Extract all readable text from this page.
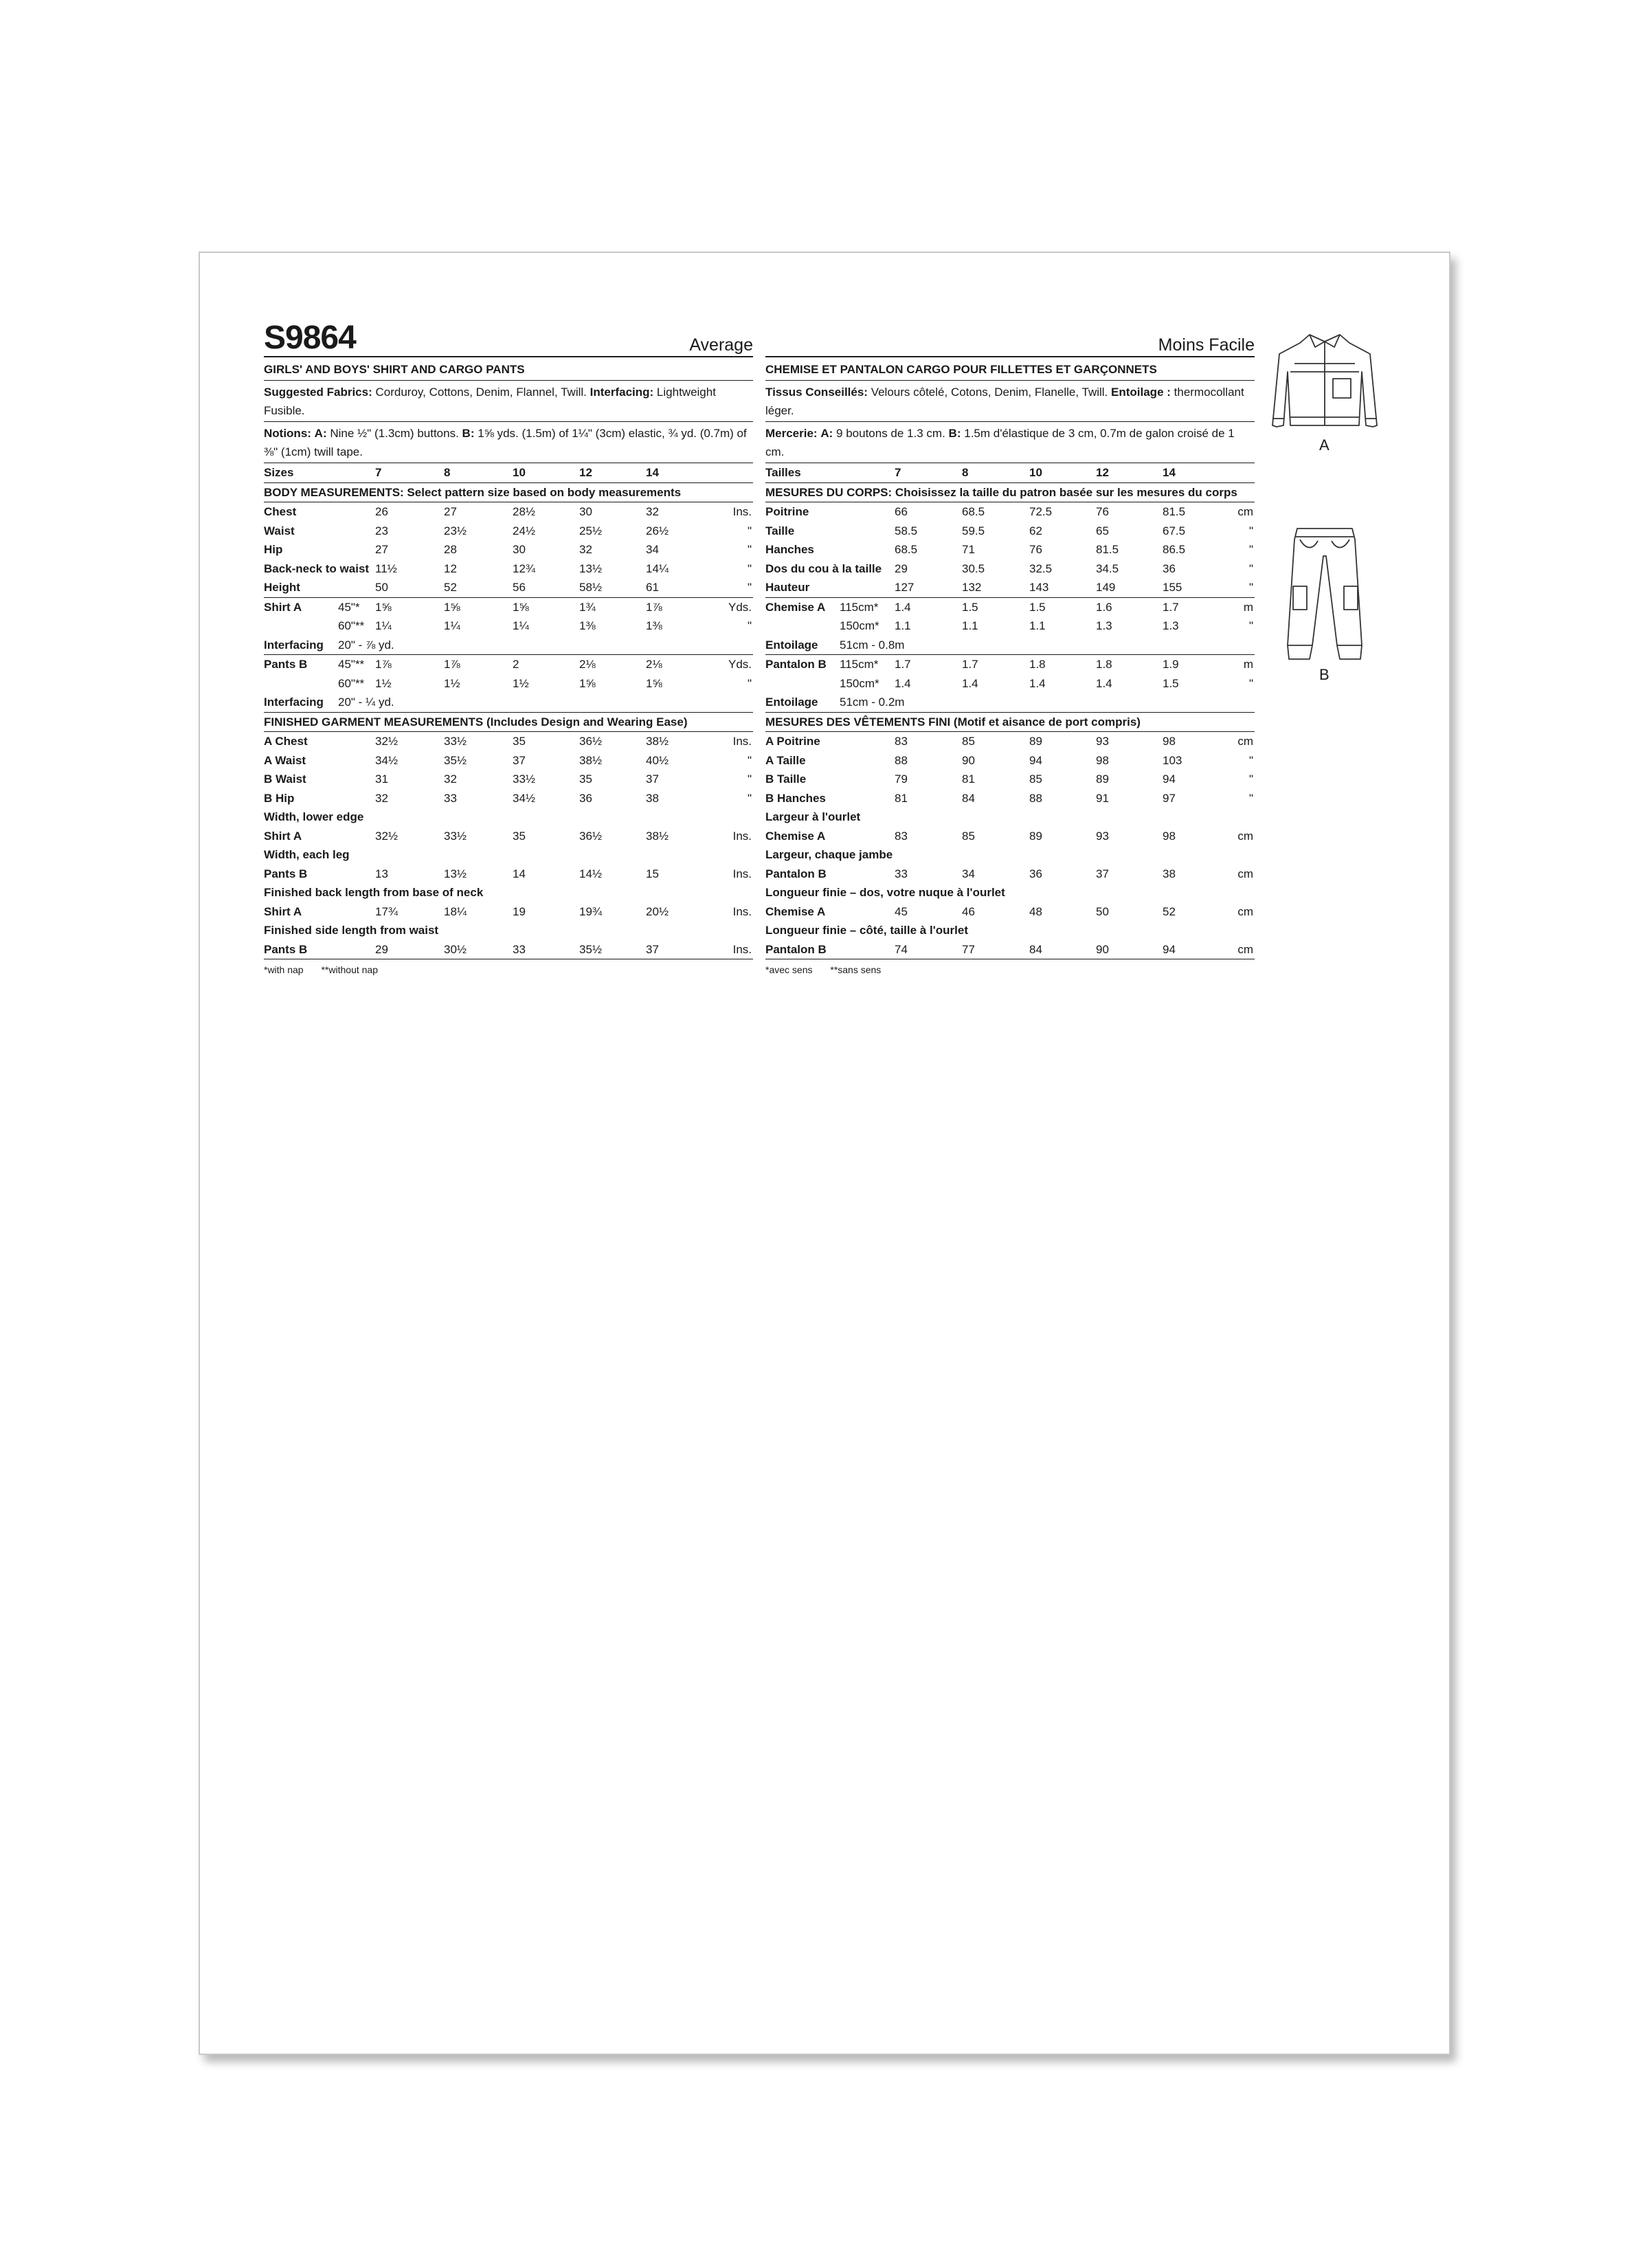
S9864	Average
GIRLS' AND BOYS' SHIRT AND CARGO PANTS
Suggested Fabrics: Corduroy, Cottons, Denim, Flannel, Twill. Interfacing: Lightweight Fusible.
Notions: A: Nine ½" (1.3cm) buttons. B: 1⅝ yds. (1.5m) of 1¼" (3cm) elastic, ¾ yd. (0.7m) of ⅜" (1cm) twill tape.
Sizes		7	8	10	12	14	
BODY MEASUREMENTS: Select pattern size based on body measurements							
Chest		26	27	28½	30	32	Ins.
Waist		23	23½	24½	25½	26½	"
Hip		27	28	30	32	34	"
Back-neck to waist		11½	12	12¾	13½	14¼	"
Height		50	52	56	58½	61	"
Shirt A	45"*	1⅝	1⅝	1⅝	1¾	1⅞	Yds.
	60"**	1¼	1¼	1¼	1⅜	1⅜	"
Interfacing	20" - ⅞ yd.						
Pants B	45"**	1⅞	1⅞	2	2⅛	2⅛	Yds.
	60"**	1½	1½	1½	1⅝	1⅝	"
Interfacing	20" - ¼ yd.						
FINISHED GARMENT MEASUREMENTS (Includes Design and Wearing Ease)							
A Chest		32½	33½	35	36½	38½	Ins.
A Waist		34½	35½	37	38½	40½	"
B Waist		31	32	33½	35	37	"
B Hip		32	33	34½	36	38	"
Width, lower edge							
Shirt A		32½	33½	35	36½	38½	Ins.
Width, each leg							
Pants B		13	13½	14	14½	15	Ins.
Finished back length from base of neck							
Shirt A		17¾	18¼	19	19¾	20½	Ins.
Finished side length from waist							
Pants B		29	30½	33	35½	37	Ins.
*with nap **without nap
Moins Facile
CHEMISE ET PANTALON CARGO POUR FILLETTES ET GARÇONNETS
Tissus Conseillés: Velours côtelé, Cotons, Denim, Flanelle, Twill. Entoilage : thermocollant léger.
Mercerie: A: 9 boutons de 1.3 cm. B: 1.5m d'élastique de 3 cm, 0.7m de galon croisé de 1 cm.
Tailles		7	8	10	12	14	
MESURES DU CORPS: Choisissez la taille du patron basée sur les mesures du corps							
Poitrine		66	68.5	72.5	76	81.5	cm
Taille		58.5	59.5	62	65	67.5	"
Hanches		68.5	71	76	81.5	86.5	"
Dos du cou à la taille		29	30.5	32.5	34.5	36	"
Hauteur		127	132	143	149	155	"
Chemise A	115cm*	1.4	1.5	1.5	1.6	1.7	m
	150cm*	1.1	1.1	1.1	1.3	1.3	"
Entoilage	51cm - 0.8m						
Pantalon B	115cm*	1.7	1.7	1.8	1.8	1.9	m
	150cm*	1.4	1.4	1.4	1.4	1.5	"
Entoilage	51cm - 0.2m						
MESURES DES VÊTEMENTS FINI (Motif et aisance de port compris)							
A Poitrine		83	85	89	93	98	cm
A Taille		88	90	94	98	103	"
B Taille		79	81	85	89	94	"
B Hanches		81	84	88	91	97	"
Largeur à l'ourlet							
Chemise A		83	85	89	93	98	cm
Largeur, chaque jambe							
Pantalon B		33	34	36	37	38	cm
Longueur finie – dos, votre nuque à l'ourlet							
Chemise A		45	46	48	50	52	cm
Longueur finie – côté, taille à l'ourlet							
Pantalon B		74	77	84	90	94	cm
*avec sens **sans sens
A
B
